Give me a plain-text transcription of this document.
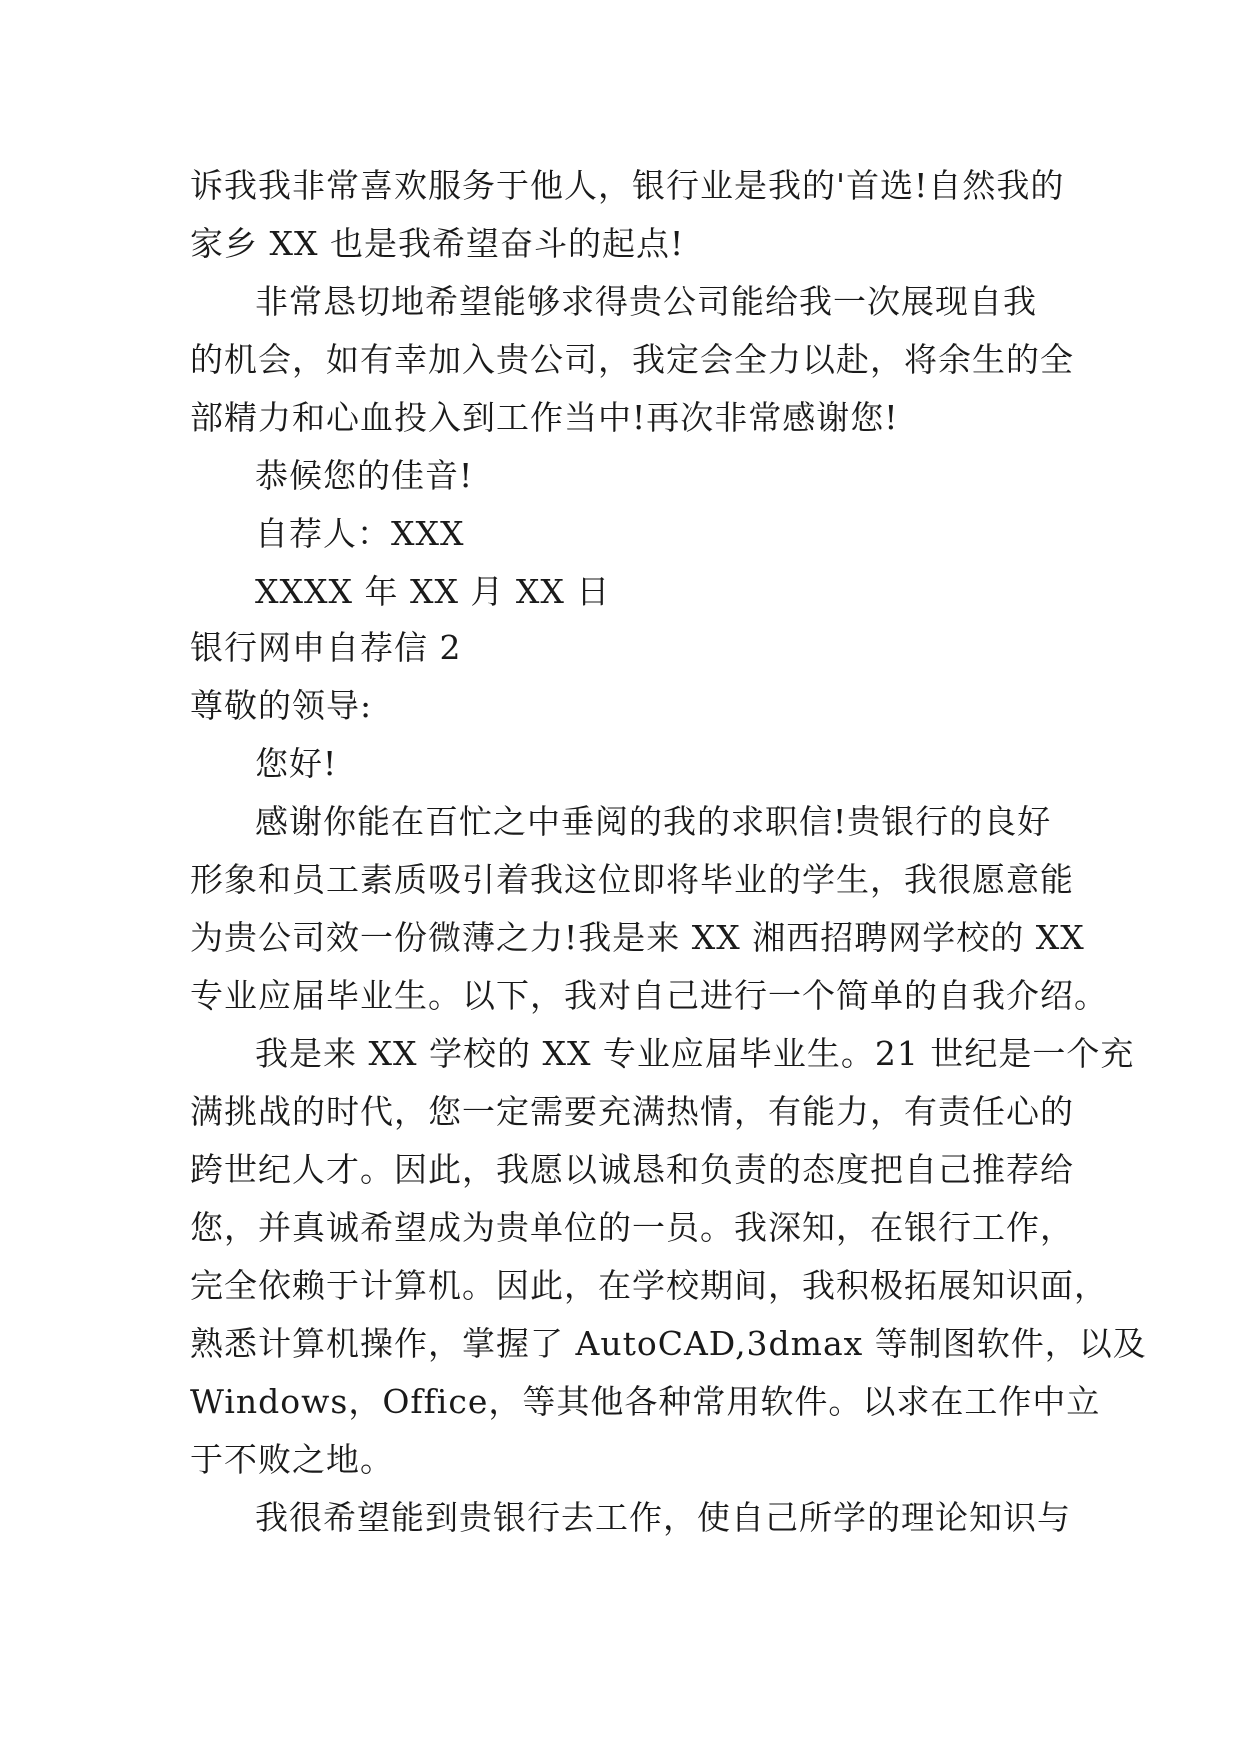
诉我我非常喜欢服务于他人，银行业是我的'首选!自然我的
家乡 XX 也是我希望奋斗的起点!
非常恳切地希望能够求得贵公司能给我一次展现自我
的机会，如有幸加入贵公司，我定会全力以赴，将余生的全
部精力和心血投入到工作当中!再次非常感谢您!
恭候您的佳音!
自荐人：XXX
XXXX 年 XX 月 XX 日
银行网申自荐信 2
尊敬的领导:
您好!
感谢你能在百忙之中垂阅的我的求职信!贵银行的良好
形象和员工素质吸引着我这位即将毕业的学生，我很愿意能
为贵公司效一份微薄之力!我是来 XX 湘西招聘网学校的 XX
专业应届毕业生。以下，我对自己进行一个简单的自我介绍。
我是来 XX 学校的 XX 专业应届毕业生。21 世纪是一个充
满挑战的时代，您一定需要充满热情，有能力，有责任心的
跨世纪人才。因此，我愿以诚恳和负责的态度把自己推荐给
您，并真诚希望成为贵单位的一员。我深知，在银行工作，
完全依赖于计算机。因此，在学校期间，我积极拓展知识面，
熟悉计算机操作，掌握了 AutoCAD,3dmax 等制图软件，以及
Windows，Office，等其他各种常用软件。以求在工作中立
于不败之地。
我很希望能到贵银行去工作，使自己所学的理论知识与
